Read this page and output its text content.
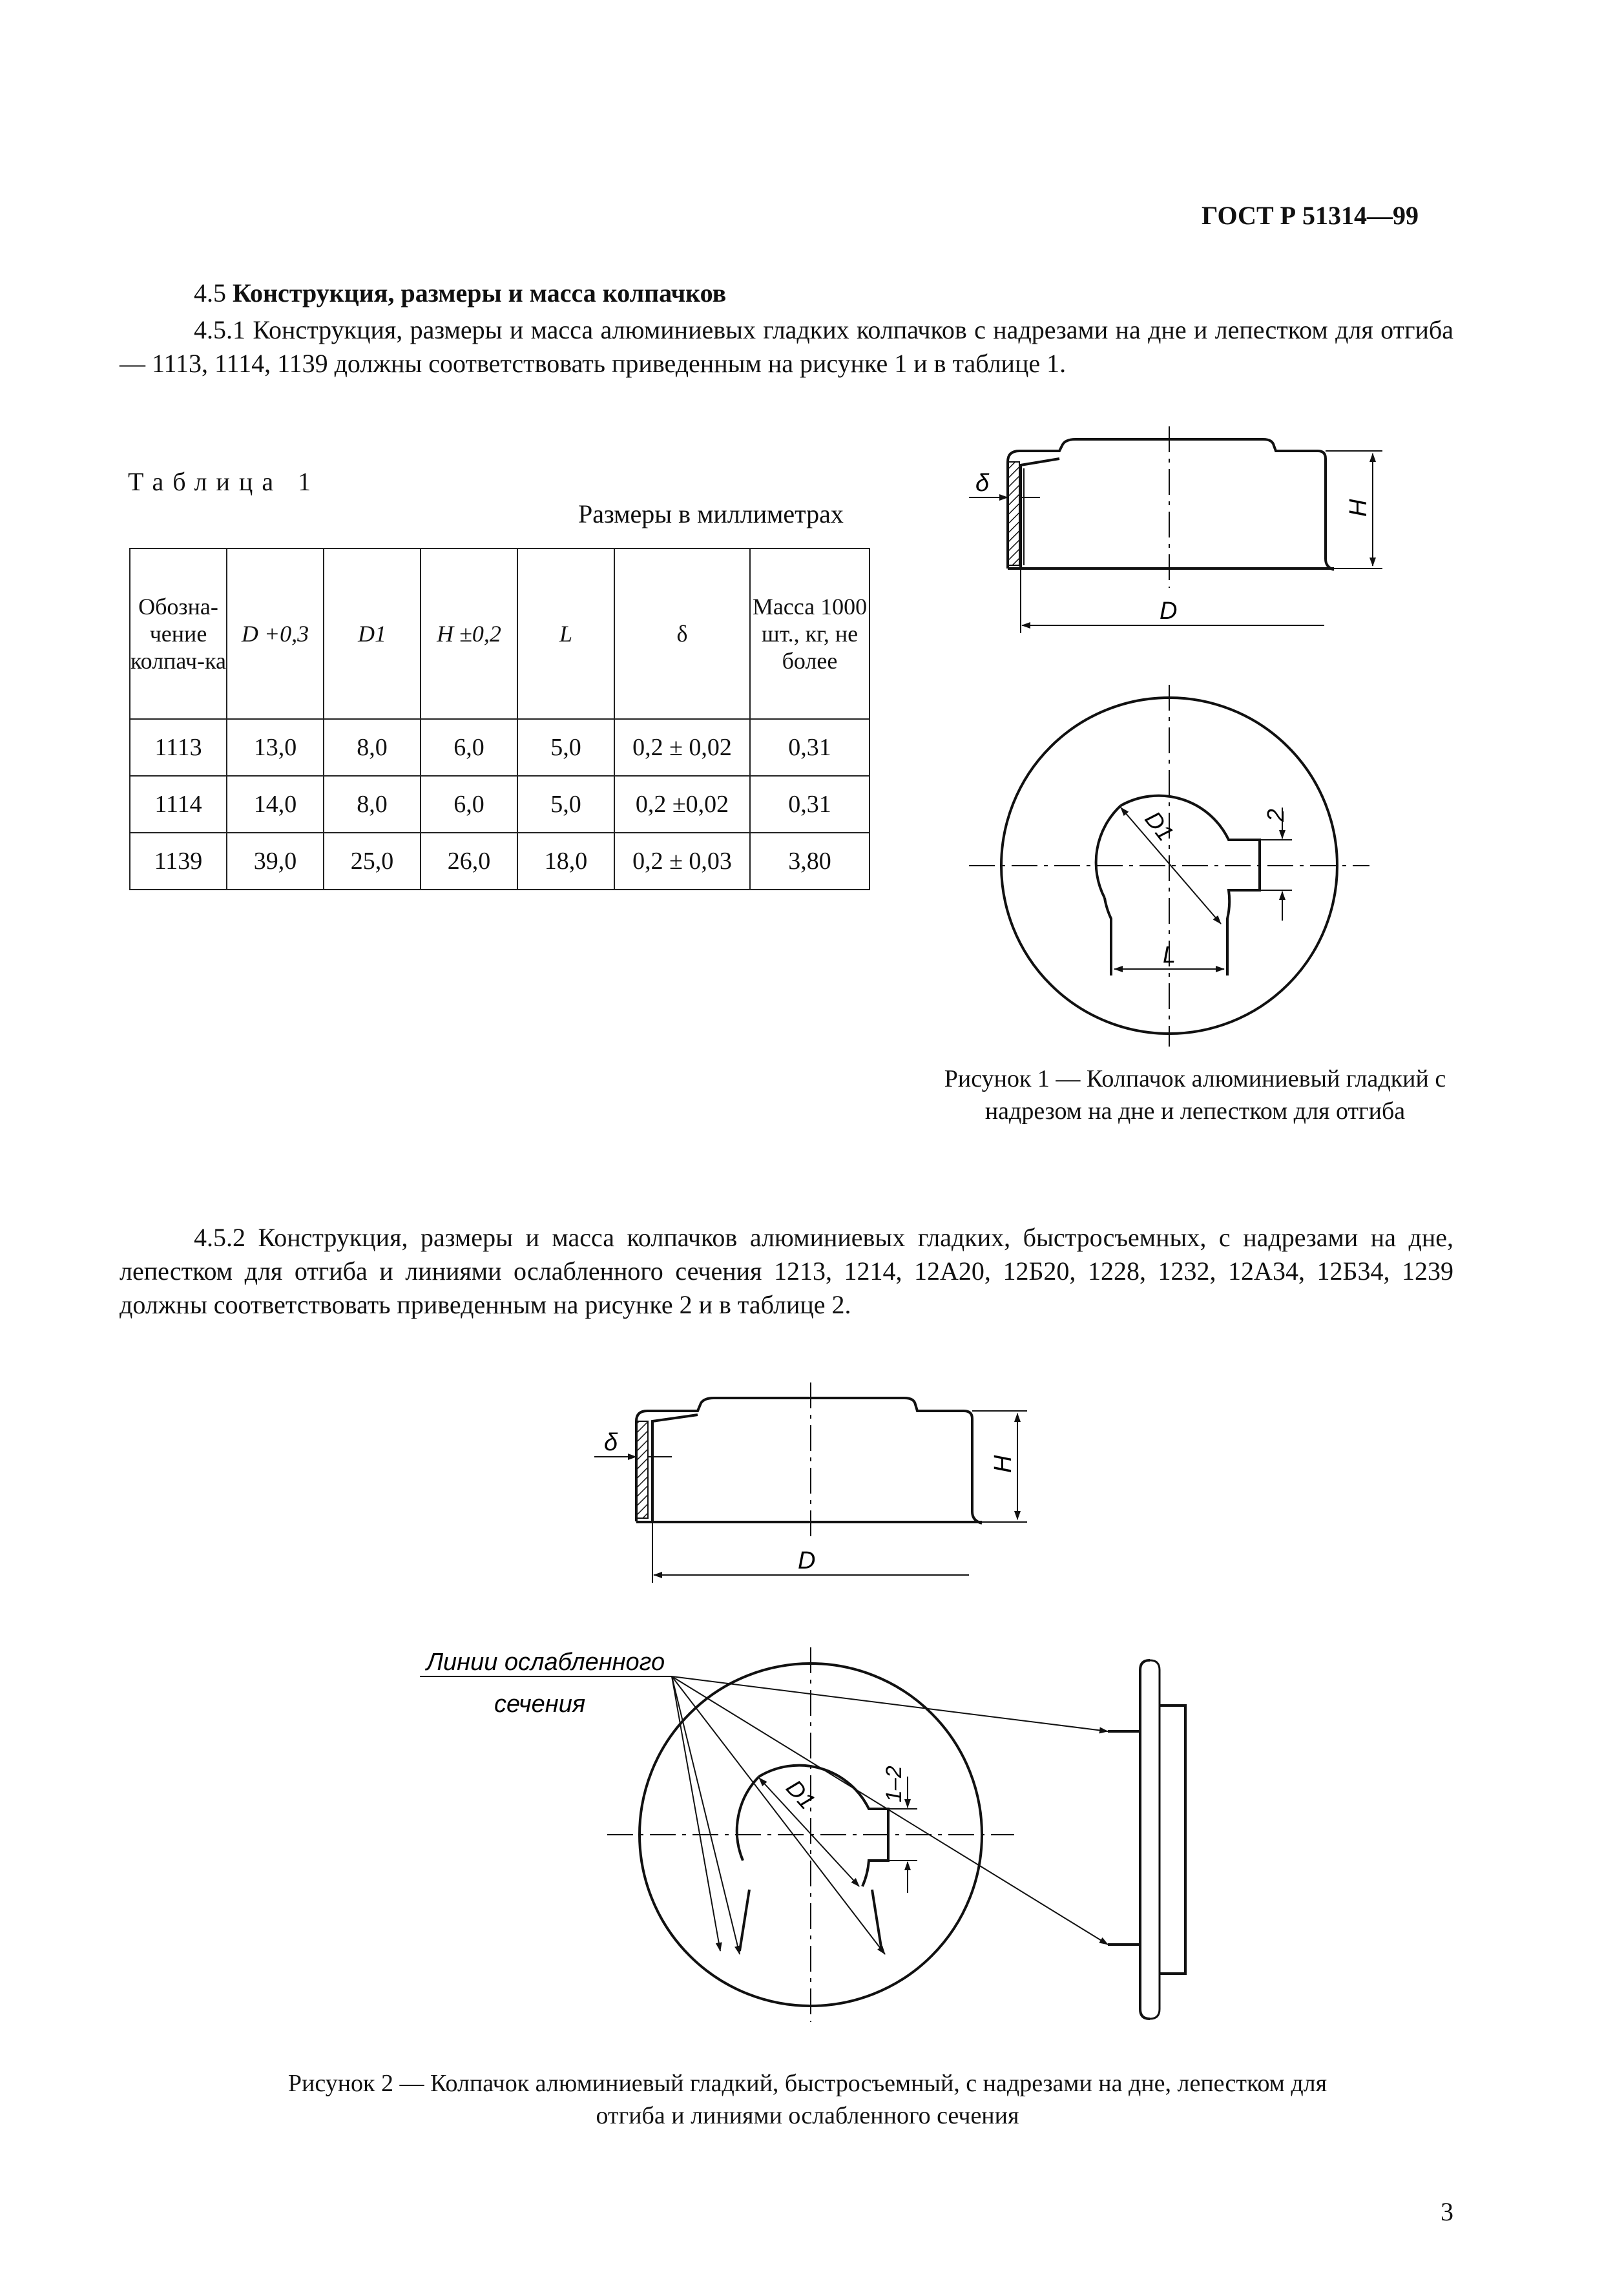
ГОСТ Р 51314—99
4.5 Конструкция, размеры и масса колпачков
4.5.1 Конструкция, размеры и масса алюминиевых гладких колпачков с надрезами на дне и лепестком для отгиба — 1113, 1114, 1139 должны соответствовать приведенным на рисунке 1 и в таблице 1.
Таблица 1
Размеры в миллиметрах
Обозна-чение колпач-ка	D +0,3	D1	H ±0,2	L	δ	Масса 1000 шт., кг, не более
1113	13,0	8,0	6,0	5,0	0,2 ± 0,02	0,31
1114	14,0	8,0	6,0	5,0	0,2 ±0,02	0,31
1139	39,0	25,0	26,0	18,0	0,2 ± 0,03	3,80
δ
H
D
2
D1
L
Рисунок 1 — Колпачок алюминиевый гладкий с надрезом на дне и лепестком для отгиба
4.5.2 Конструкция, размеры и масса колпачков алюминиевых гладких, быстросъемных, с надрезами на дне, лепестком для отгиба и линиями ослабленного сечения 1213, 1214, 12А20, 12Б20, 1228, 1232, 12А34, 12Б34, 1239 должны соответствовать приведенным на рисунке 2 и в таблице 2.
δ
H
D
Линии ослабленного
сечения
1–2
D1
Рисунок 2 — Колпачок алюминиевый гладкий, быстросъемный, с надрезами на дне, лепестком для отгиба и линиями ослабленного сечения
3
